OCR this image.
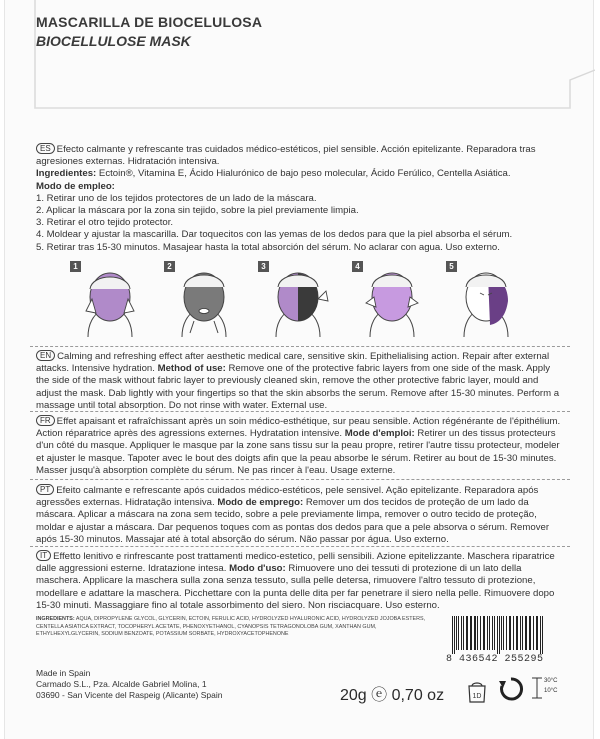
MASCARILLA DE BIOCELULOSA
BIOCELLULOSE MASK
ES Efecto calmante y refrescante tras cuidados médico-estéticos, piel sensible. Acción epitelizante. Reparadora tras agresiones externas. Hidratación intensiva.
Ingredientes: Ectoin®, Vitamina E, Ácido Hialurónico de bajo peso molecular, Ácido Ferúlico, Centella Asiática.
Modo de empleo:
1. Retirar uno de los tejidos protectores de un lado de la máscara.
2. Aplicar la máscara por la zona sin tejido, sobre la piel previamente limpia.
3. Retirar el otro tejido protector.
4. Moldear y ajustar la mascarilla. Dar toquecitos con las yemas de los dedos para que la piel absorba el sérum.
5. Retirar tras 15-30 minutos. Masajear hasta la total absorción del sérum. No aclarar con agua. Uso externo.
1	2	3	4	5
EN Calming and refreshing effect after aesthetic medical care, sensitive skin. Epithelialising action. Repair after external attacks. Intensive hydration. Method of use: Remove one of the protective fabric layers from one side of the mask. Apply the side of the mask without fabric layer to previously cleaned skin, remove the other protective fabric layer, mould and adjust the mask. Dab lightly with your fingertips so that the skin absorbs the serum. Remove after 15-30 minutes. Perform a massage until total absorption. Do not rinse with water. External use.
FR Effet apaisant et rafraîchissant après un soin médico-esthétique, sur peau sensible. Action régénérante de l'épithélium. Action réparatrice après des agressions externes. Hydratation intensive. Mode d'emploi: Retirer un des tissus protecteurs d'un côté du masque. Appliquer le masque par la zone sans tissu sur la peau propre, retirer l'autre tissu protecteur, modeler et ajuster le masque. Tapoter avec le bout des doigts afin que la peau absorbe le sérum. Retirer au bout de 15-30 minutes. Masser jusqu'à absorption complète du sérum. Ne pas rincer à l'eau. Usage externe.
PT Efeito calmante e refrescante após cuidados médico-estéticos, pele sensivel. Ação epitelizante. Reparadora após agressões externas. Hidratação intensiva. Modo de emprego: Remover um dos tecidos de proteção de um lado da máscara. Aplicar a máscara na zona sem tecido, sobre a pele previamente limpa, remover o outro tecido de proteção, moldar e ajustar a máscara. Dar pequenos toques com as pontas dos dedos para que a pele absorva o sérum. Remover após 15-30 minutos. Massajar até à total absorção do sérum. Não passar por água. Uso externo.
IT Effetto lenitivo e rinfrescante post trattamenti medico-estetico, pelli sensibili. Azione epitelizzante. Maschera riparatrice dalle aggressioni esterne. Idratazione intesa. Modo d'uso: Rimuovere uno dei tessuti di protezione di un lato della maschera. Applicare la maschera sulla zona senza tessuto, sulla pelle detersa, rimuovere l'altro tessuto di protezione, modellare e adattare la maschera. Picchettare con la punta delle dita per far penetrare il siero nella pelle. Rimuovere dopo 15-30 minuti. Massaggiare fino al totale assorbimento del siero. Non risciacquare. Uso esterno.
INGREDIENTS: AQUA, DIPROPYLENE GLYCOL, GLYCERIN, ECTOIN, FERULIC ACID, HYDROLYZED HYALURONIC ACID, HYDROLYZED JOJOBA ESTERS, CENTELLA ASIATICA EXTRACT, TOCOPHERYL ACETATE, PHENOXYETHANOL, CYANOPSIS TETRAGONOLOBA GUM, XANTHAN GUM, ETHYLHEXYLGLYCERIN, SODIUM BENZOATE, POTASSIUM SORBATE, HYDROXYACETOPHENONE
8 436542 255295
Made in Spain
Carmado S.L., Pza. Alcalde Gabriel Molina, 1
03690 - San Vicente del Raspeig (Alicante) Spain	20g ⓔ 0,70 oz	1D
30°C
10°C
